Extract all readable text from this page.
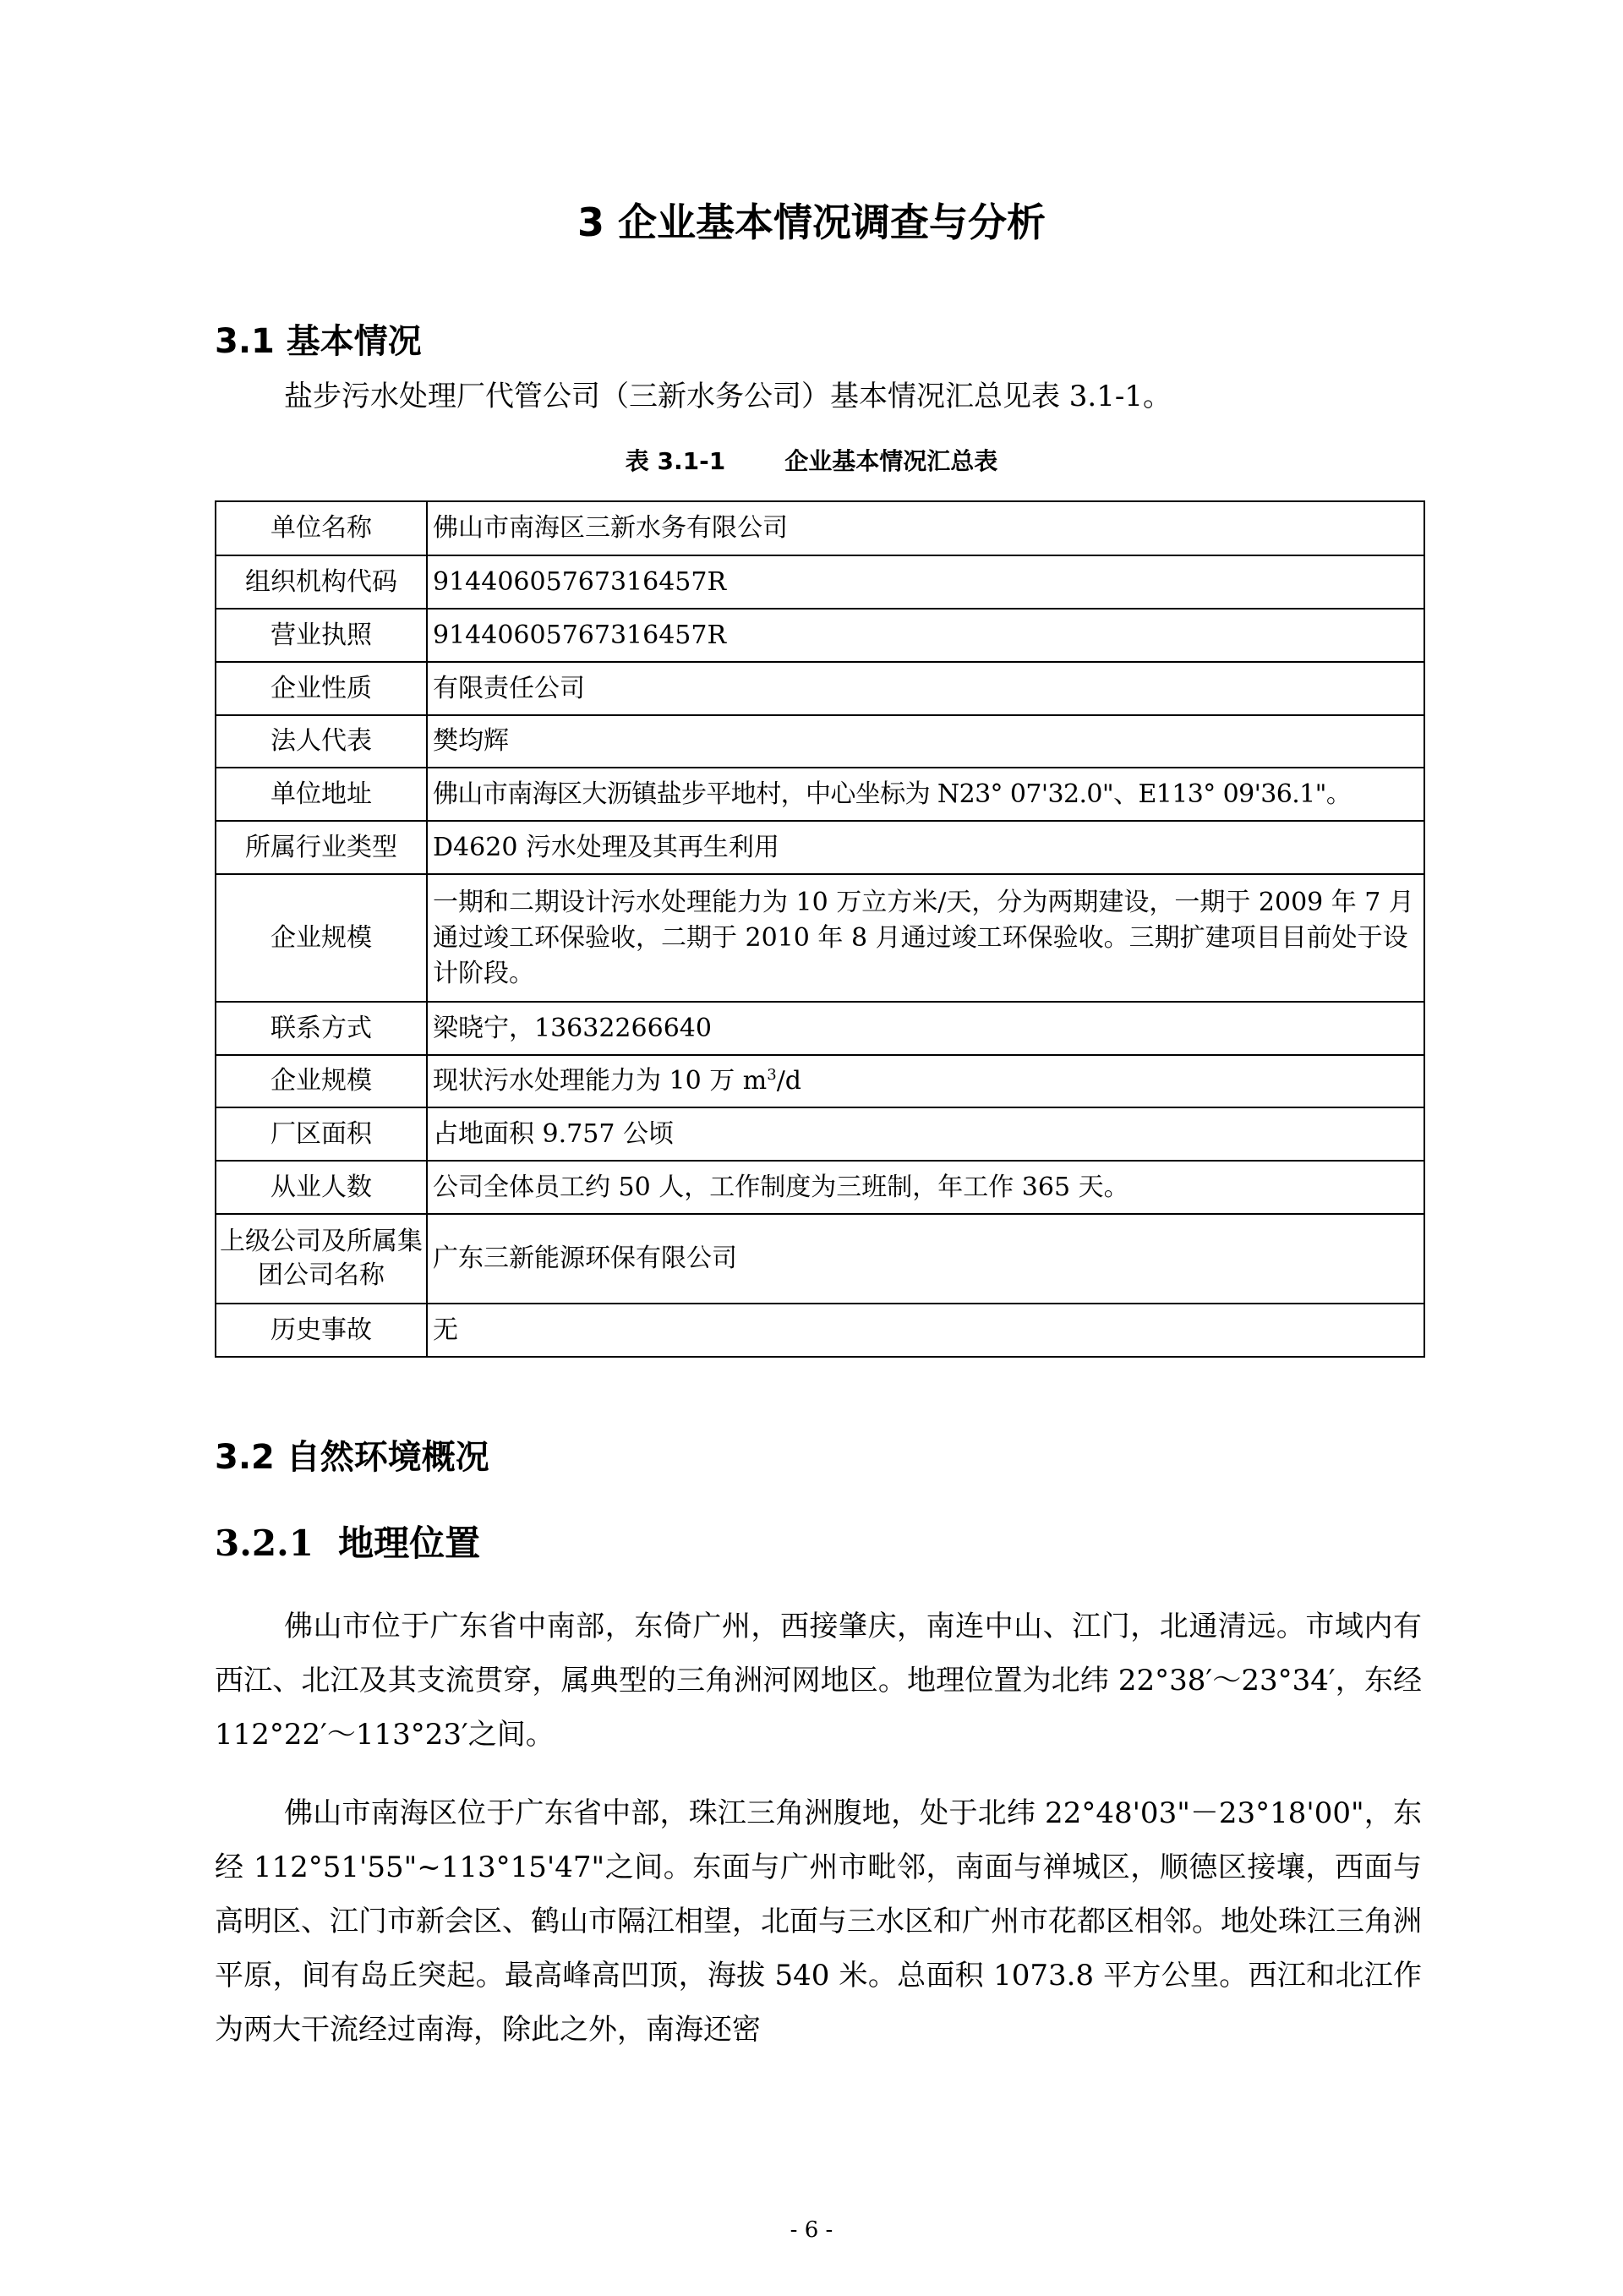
3 企业基本情况调查与分析
3.1 基本情况

盐步污水处理厂代管公司（三新水务公司）基本情况汇总见表 3.1-1。

表 3.1-1	企业基本情况汇总表

单位名称	佛山市南海区三新水务有限公司
组织机构代码	91440605767316457R
营业执照	91440605767316457R
企业性质	有限责任公司
法人代表	樊均辉
单位地址	佛山市南海区大沥镇盐步平地村，中心坐标为 N23° 07'32.0"、E113° 09'36.1"。
所属行业类型	D4620 污水处理及其再生利用
企业规模	一期和二期设计污水处理能力为 10 万立方米/天，分为两期建设，一期于 2009 年 7 月通过竣工环保验收，二期于 2010 年 8 月通过竣工环保验收。三期扩建项目目前处于设计阶段。
联系方式	梁晓宁，13632266640
企业规模	现状污水处理能力为 10 万 $m^3/d$
厂区面积	占地面积 9.757 公顷
从业人数	公司全体员工约 50 人，工作制度为三班制，年工作 365 天。
上级公司及所属集团公司名称	广东三新能源环保有限公司
历史事故	无
3.2 自然环境概况
3.2.1 地理位置

佛山市位于广东省中南部，东倚广州，西接肇庆，南连中山、江门，北通清远。市域内有西江、北江及其支流贯穿，属典型的三角洲河网地区。地理位置为北纬 22°38′～23°34′，东经 112°22′～113°23′之间。

佛山市南海区位于广东省中部，珠江三角洲腹地，处于北纬 22°48'03"－23°18'00"，东经 112°51'55"~113°15'47"之间。东面与广州市毗邻，南面与禅城区，顺德区接壤，西面与高明区、江门市新会区、鹤山市隔江相望，北面与三水区和广州市花都区相邻。地处珠江三角洲平原，间有岛丘突起。最高峰高凹顶，海拔 540 米。总面积 1073.8 平方公里。西江和北江作为两大干流经过南海，除此之外，南海还密

- 6 -
